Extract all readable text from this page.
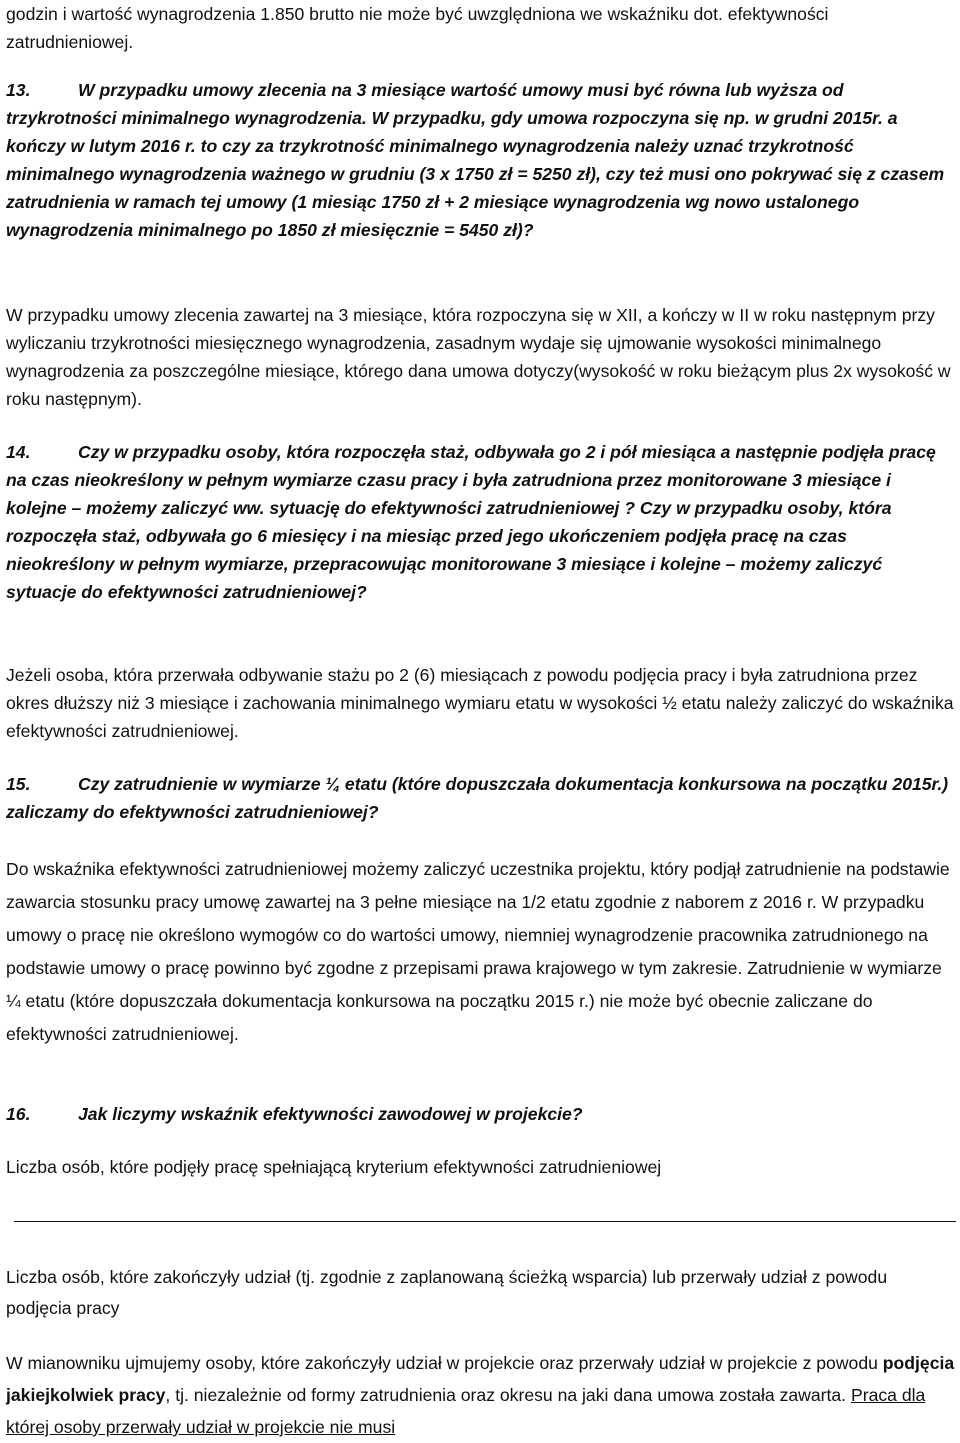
godzin i wartość wynagrodzenia 1.850 brutto nie może być uwzględniona we wskaźniku dot. efektywności zatrudnieniowej.

13.	W przypadku umowy zlecenia na 3 miesiące wartość umowy musi być równa lub wyższa od trzykrotności minimalnego wynagrodzenia. W przypadku, gdy umowa rozpoczyna się np. w grudni 2015r. a kończy w lutym 2016 r. to czy za trzykrotność minimalnego wynagrodzenia należy uznać trzykrotność minimalnego wynagrodzenia ważnego w grudniu (3 x 1750 zł = 5250 zł), czy też musi ono pokrywać się z czasem zatrudnienia w ramach tej umowy (1 miesiąc 1750 zł + 2 miesiące wynagrodzenia wg nowo ustalonego wynagrodzenia minimalnego po 1850 zł miesięcznie = 5450 zł)?

W przypadku umowy zlecenia zawartej na 3 miesiące, która rozpoczyna się w XII, a kończy w II w roku następnym przy wyliczaniu trzykrotności miesięcznego wynagrodzenia, zasadnym wydaje się ujmowanie wysokości minimalnego wynagrodzenia za poszczególne miesiące, którego dana umowa dotyczy(wysokość w roku bieżącym plus 2x wysokość w roku następnym).

14.	Czy w przypadku osoby, która rozpoczęła staż, odbywała go 2 i pół miesiąca a następnie podjęła pracę na czas nieokreślony w pełnym wymiarze czasu pracy i była zatrudniona przez monitorowane 3 miesiące i kolejne – możemy zaliczyć ww. sytuację do efektywności zatrudnieniowej ? Czy w przypadku osoby, która rozpoczęła staż, odbywała go 6 miesięcy i na miesiąc przed jego ukończeniem podjęła pracę na czas nieokreślony w pełnym wymiarze, przepracowując monitorowane 3 miesiące i kolejne – możemy zaliczyć sytuacje do efektywności zatrudnieniowej?

Jeżeli osoba, która przerwała odbywanie stażu po 2 (6) miesiącach z powodu podjęcia pracy i była zatrudniona przez okres dłuższy niż 3 miesiące i zachowania minimalnego wymiaru etatu w wysokości ½ etatu należy zaliczyć do wskaźnika efektywności zatrudnieniowej.

15.	Czy zatrudnienie w wymiarze ¼ etatu (które dopuszczała dokumentacja konkursowa na początku 2015r.) zaliczamy do efektywności zatrudnieniowej?

Do wskaźnika efektywności zatrudnieniowej możemy zaliczyć uczestnika projektu, który podjął zatrudnienie na podstawie zawarcia stosunku pracy umowę zawartej na 3 pełne miesiące na 1/2 etatu zgodnie z naborem z 2016 r. W przypadku umowy o pracę nie określono wymogów co do wartości umowy, niemniej wynagrodzenie pracownika zatrudnionego na podstawie umowy o pracę powinno być zgodne z przepisami prawa krajowego w tym zakresie. Zatrudnienie w wymiarze ¼ etatu (które dopuszczała dokumentacja konkursowa na początku 2015 r.) nie może być obecnie zaliczane do efektywności zatrudnieniowej.

16.	Jak liczymy wskaźnik efektywności zawodowej w projekcie?

Liczba osób, które podjęły pracę spełniającą kryterium efektywności zatrudnieniowej

Liczba osób, które zakończyły udział (tj. zgodnie z zaplanowaną ścieżką wsparcia) lub przerwały udział z powodu podjęcia pracy

W mianowniku ujmujemy osoby, które zakończyły udział w projekcie oraz przerwały udział w projekcie z powodu podjęcia jakiejkolwiek pracy, tj. niezależnie od formy zatrudnienia oraz okresu na jaki dana umowa została zawarta. Praca dla której osoby przerwały udział w projekcie nie musi
